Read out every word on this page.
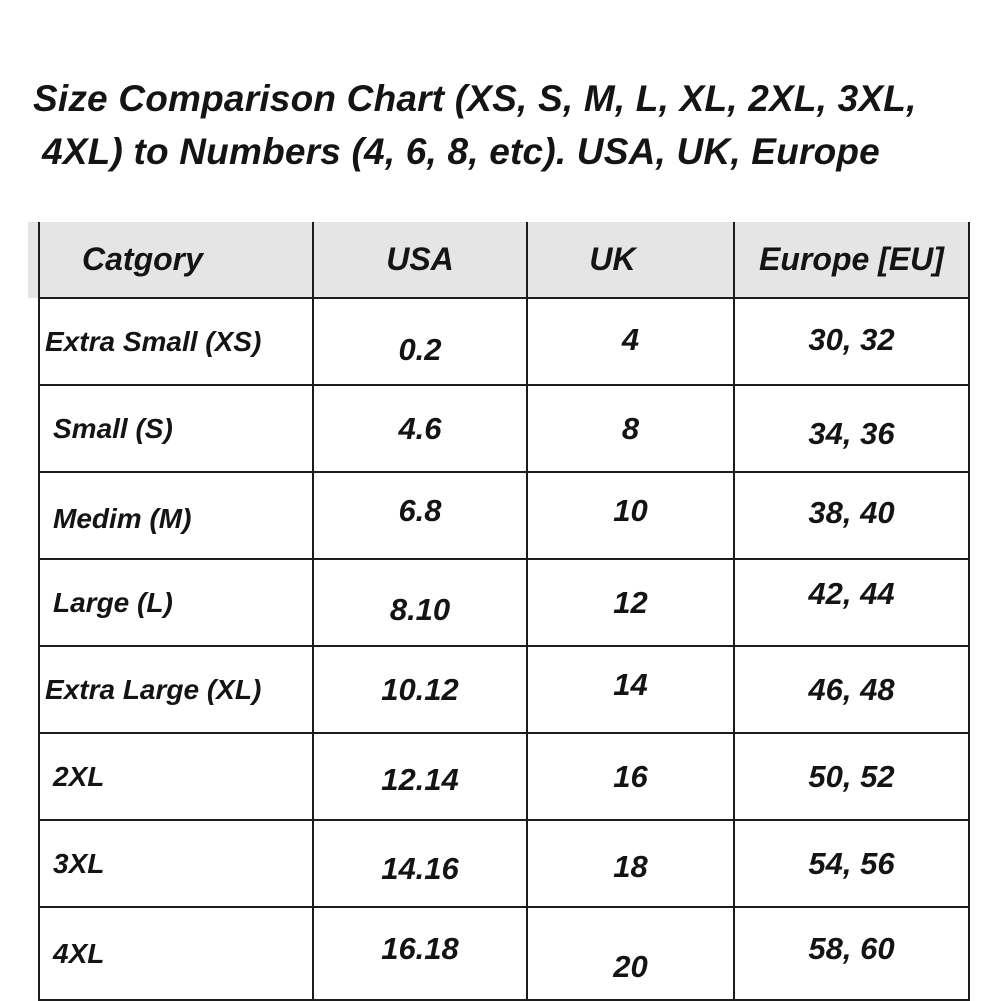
Size Comparison Chart (XS, S, M, L, XL, 2XL, 3XL,
4XL) to Numbers (4, 6, 8, etc). USA, UK, Europe
Catgory	USA	UK	Europe [EU]
Extra Small (XS)	0.2	4	30, 32
Small (S)	4.6	8	34, 36
Medim (M)	6.8	10	38, 40
Large (L)	8.10	12	42, 44
Extra Large (XL)	10.12	14	46, 48
2XL	12.14	16	50, 52
3XL	14.16	18	54, 56
4XL	16.18	20	58, 60
